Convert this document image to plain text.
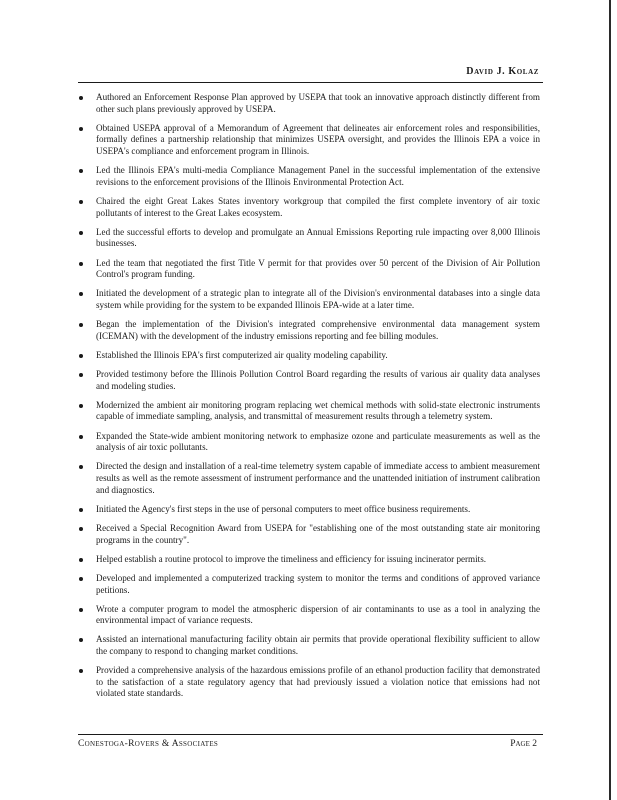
David J. Kolaz
Authored an Enforcement Response Plan approved by USEPA that took an innovative approach distinctly different from other such plans previously approved by USEPA.
Obtained USEPA approval of a Memorandum of Agreement that delineates air enforcement roles and responsibilities, formally defines a partnership relationship that minimizes USEPA oversight, and provides the Illinois EPA a voice in USEPA's compliance and enforcement program in Illinois.
Led the Illinois EPA's multi-media Compliance Management Panel in the successful implementation of the extensive revisions to the enforcement provisions of the Illinois Environmental Protection Act.
Chaired the eight Great Lakes States inventory workgroup that compiled the first complete inventory of air toxic pollutants of interest to the Great Lakes ecosystem.
Led the successful efforts to develop and promulgate an Annual Emissions Reporting rule impacting over 8,000 Illinois businesses.
Led the team that negotiated the first Title V permit for that provides over 50 percent of the Division of Air Pollution Control's program funding.
Initiated the development of a strategic plan to integrate all of the Division's environmental databases into a single data system while providing for the system to be expanded Illinois EPA-wide at a later time.
Began the implementation of the Division's integrated comprehensive environmental data management system (ICEMAN) with the development of the industry emissions reporting and fee billing modules.
Established the Illinois EPA's first computerized air quality modeling capability.
Provided testimony before the Illinois Pollution Control Board regarding the results of various air quality data analyses and modeling studies.
Modernized the ambient air monitoring program replacing wet chemical methods with solid-state electronic instruments capable of immediate sampling, analysis, and transmittal of measurement results through a telemetry system.
Expanded the State-wide ambient monitoring network to emphasize ozone and particulate measurements as well as the analysis of air toxic pollutants.
Directed the design and installation of a real-time telemetry system capable of immediate access to ambient measurement results as well as the remote assessment of instrument performance and the unattended initiation of instrument calibration and diagnostics.
Initiated the Agency's first steps in the use of personal computers to meet office business requirements.
Received a Special Recognition Award from USEPA for "establishing one of the most outstanding state air monitoring programs in the country".
Helped establish a routine protocol to improve the timeliness and efficiency for issuing incinerator permits.
Developed and implemented a computerized tracking system to monitor the terms and conditions of approved variance petitions.
Wrote a computer program to model the atmospheric dispersion of air contaminants to use as a tool in analyzing the environmental impact of variance requests.
Assisted an international manufacturing facility obtain air permits that provide operational flexibility sufficient to allow the company to respond to changing market conditions.
Provided a comprehensive analysis of the hazardous emissions profile of an ethanol production facility that demonstrated to the satisfaction of a state regulatory agency that had previously issued a violation notice that emissions had not violated state standards.
Conestoga-Rovers & Associates	Page 2
